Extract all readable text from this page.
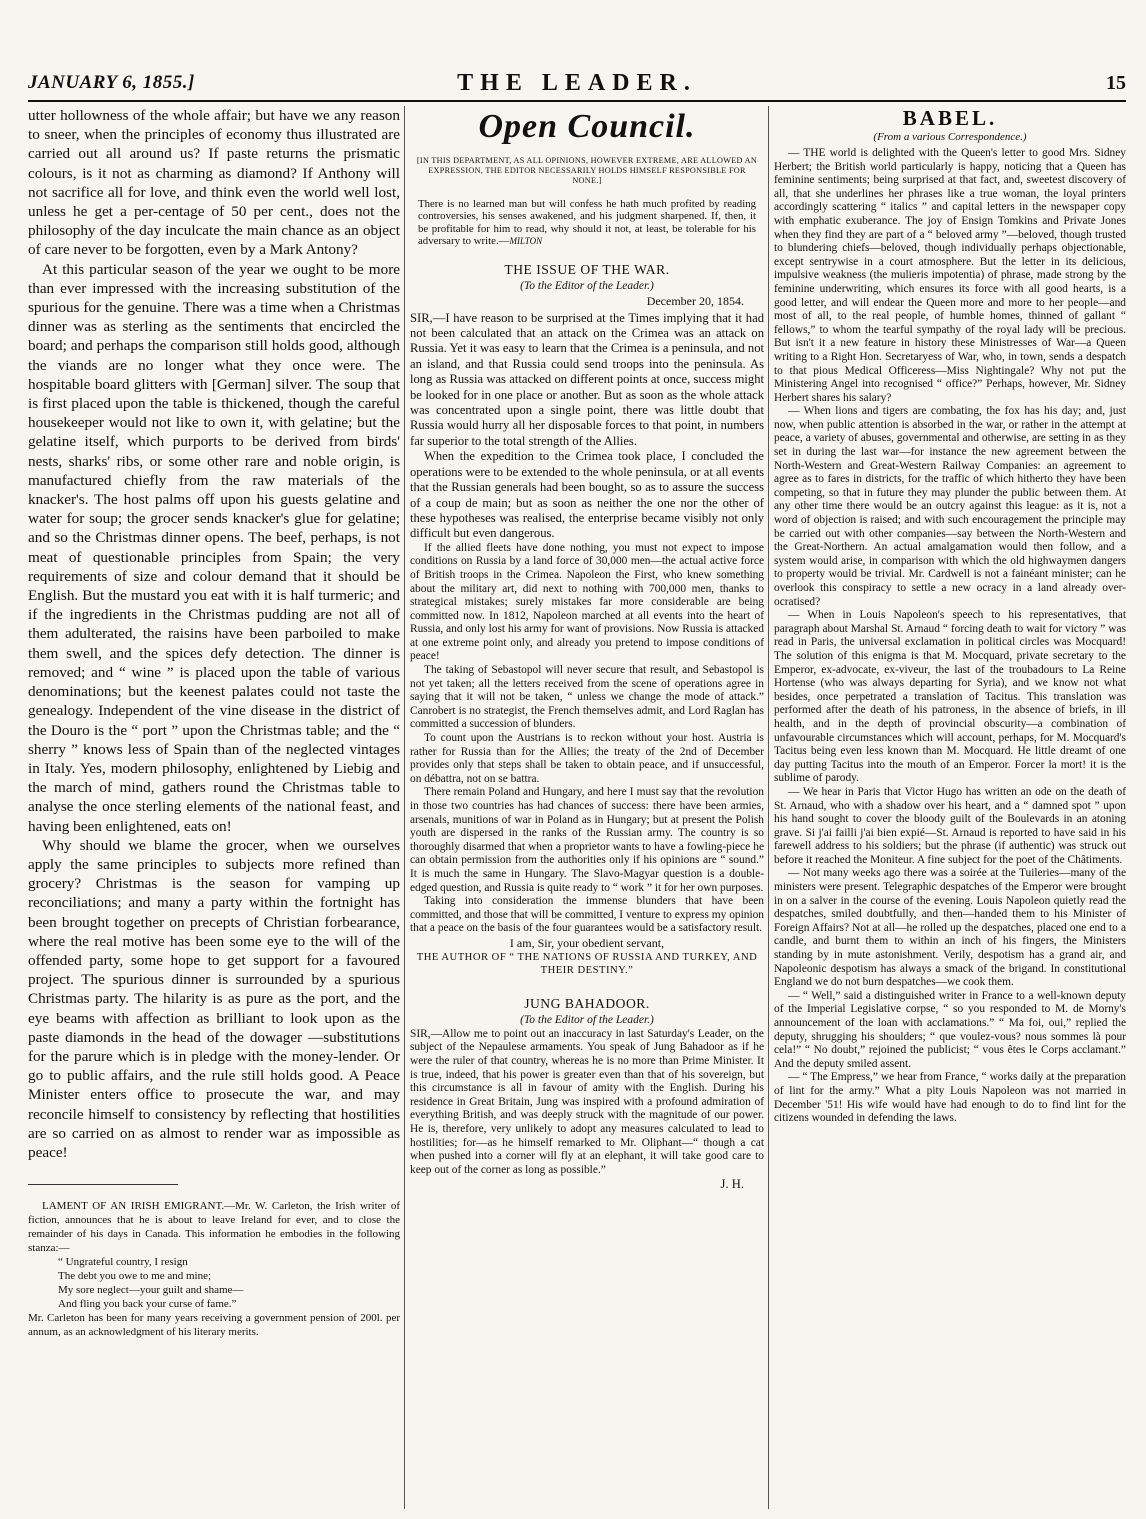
JANUARY 6, 1855.]	THE LEADER.	15

utter hollowness of the whole affair; but have we any reason to sneer, when the principles of economy thus illustrated are carried out all around us? If paste returns the prismatic colours, is it not as charming as diamond? If Anthony will not sacrifice all for love, and think even the world well lost, unless he get a per-centage of 50 per cent., does not the philosophy of the day inculcate the main chance as an object of care never to be forgotten, even by a Mark Antony?

At this particular season of the year we ought to be more than ever impressed with the increasing substitution of the spurious for the genuine. There was a time when a Christmas dinner was as sterling as the sentiments that encircled the board; and perhaps the comparison still holds good, although the viands are no longer what they once were. The hospitable board glitters with [German] silver. The soup that is first placed upon the table is thickened, though the careful housekeeper would not like to own it, with gelatine; but the gelatine itself, which purports to be derived from birds' nests, sharks' ribs, or some other rare and noble origin, is manufactured chiefly from the raw materials of the knacker's. The host palms off upon his guests gelatine and water for soup; the grocer sends knacker's glue for gelatine; and so the Christmas dinner opens. The beef, perhaps, is not meat of questionable principles from Spain; the very requirements of size and colour demand that it should be English. But the mustard you eat with it is half turmeric; and if the ingredients in the Christmas pudding are not all of them adulterated, the raisins have been parboiled to make them swell, and the spices defy detection. The dinner is removed; and “ wine ” is placed upon the table of various denominations; but the keenest palates could not taste the genealogy. Independent of the vine disease in the district of the Douro is the “ port ” upon the Christmas table; and the “ sherry ” knows less of Spain than of the neglected vintages in Italy. Yes, modern philosophy, enlightened by Liebig and the march of mind, gathers round the Christmas table to analyse the once sterling elements of the national feast, and having been enlightened, eats on!

Why should we blame the grocer, when we ourselves apply the same principles to subjects more refined than grocery? Christmas is the season for vamping up reconciliations; and many a party within the fortnight has been brought together on precepts of Christian forbearance, where the real motive has been some eye to the will of the offended party, some hope to get support for a favoured project. The spurious dinner is surrounded by a spurious Christmas party. The hilarity is as pure as the port, and the eye beams with affection as brilliant to look upon as the paste diamonds in the head of the dowager —substitutions for the parure which is in pledge with the money-lender. Or go to public affairs, and the rule still holds good. A Peace Minister enters office to prosecute the war, and may reconcile himself to consistency by reflecting that hostilities are so carried on as almost to render war as impossible as peace!

LAMENT OF AN IRISH EMIGRANT.—Mr. W. Carleton, the Irish writer of fiction, announces that he is about to leave Ireland for ever, and to close the remainder of his days in Canada. This information he embodies in the following stanza:—

“ Ungrateful country, I resign
The debt you owe to me and mine;
My sore neglect—your guilt and shame—
And fling you back your curse of fame.”

Mr. Carleton has been for many years receiving a government pension of 200l. per annum, as an acknowledgment of his literary merits.

Open Council.
[IN THIS DEPARTMENT, AS ALL OPINIONS, HOWEVER EXTREME, ARE ALLOWED AN EXPRESSION, THE EDITOR NECESSARILY HOLDS HIMSELF RESPONSIBLE FOR NONE.]
There is no learned man but will confess he hath much profited by reading controversies, his senses awakened, and his judgment sharpened. If, then, it be profitable for him to read, why should it not, at least, be tolerable for his adversary to write.—MILTON
THE ISSUE OF THE WAR.
(To the Editor of the Leader.)
December 20, 1854.

SIR,—I have reason to be surprised at the Times implying that it had not been calculated that an attack on the Crimea was an attack on Russia. Yet it was easy to learn that the Crimea is a peninsula, and not an island, and that Russia could send troops into the peninsula. As long as Russia was attacked on different points at once, success might be looked for in one place or another. But as soon as the whole attack was concentrated upon a single point, there was little doubt that Russia would hurry all her disposable forces to that point, in numbers far superior to the total strength of the Allies.

When the expedition to the Crimea took place, I concluded the operations were to be extended to the whole peninsula, or at all events that the Russian generals had been bought, so as to assure the success of a coup de main; but as soon as neither the one nor the other of these hypotheses was realised, the enterprise became visibly not only difficult but even dangerous.

If the allied fleets have done nothing, you must not expect to impose conditions on Russia by a land force of 30,000 men—the actual active force of British troops in the Crimea. Napoleon the First, who knew something about the military art, did next to nothing with 700,000 men, thanks to strategical mistakes; surely mistakes far more considerable are being committed now. In 1812, Napoleon marched at all events into the heart of Russia, and only lost his army for want of provisions. Now Russia is attacked at one extreme point only, and already you pretend to impose conditions of peace!

The taking of Sebastopol will never secure that result, and Sebastopol is not yet taken; all the letters received from the scene of operations agree in saying that it will not be taken, “ unless we change the mode of attack.” Canrobert is no strategist, the French themselves admit, and Lord Raglan has committed a succession of blunders.

To count upon the Austrians is to reckon without your host. Austria is rather for Russia than for the Allies; the treaty of the 2nd of December provides only that steps shall be taken to obtain peace, and if unsuccessful, on débattra, not on se battra.

There remain Poland and Hungary, and here I must say that the revolution in those two countries has had chances of success: there have been armies, arsenals, munitions of war in Poland as in Hungary; but at present the Polish youth are dispersed in the ranks of the Russian army. The country is so thoroughly disarmed that when a proprietor wants to have a fowling-piece he can obtain permission from the authorities only if his opinions are “ sound.” It is much the same in Hungary. The Slavo-Magyar question is a double-edged question, and Russia is quite ready to “ work ” it for her own purposes.

Taking into consideration the immense blunders that have been committed, and those that will be committed, I venture to express my opinion that a peace on the basis of the four guarantees would be a satisfactory result.

I am, Sir, your obedient servant,
THE AUTHOR OF “ THE NATIONS OF RUSSIA AND TURKEY, AND THEIR DESTINY.”
JUNG BAHADOOR.
(To the Editor of the Leader.)

SIR,—Allow me to point out an inaccuracy in last Saturday's Leader, on the subject of the Nepaulese armaments. You speak of Jung Bahadoor as if he were the ruler of that country, whereas he is no more than Prime Minister. It is true, indeed, that his power is greater even than that of his sovereign, but this circumstance is all in favour of amity with the English. During his residence in Great Britain, Jung was inspired with a profound admiration of everything British, and was deeply struck with the magnitude of our power. He is, therefore, very unlikely to adopt any measures calculated to lead to hostilities; for—as he himself remarked to Mr. Oliphant—“ though a cat when pushed into a corner will fly at an elephant, it will take good care to keep out of the corner as long as possible.”

J. H.
BABEL.
(From a various Correspondence.)

— THE world is delighted with the Queen's letter to good Mrs. Sidney Herbert; the British world particularly is happy, noticing that a Queen has feminine sentiments; being surprised at that fact, and, sweetest discovery of all, that she underlines her phrases like a true woman, the loyal printers accordingly scattering “ italics ” and capital letters in the newspaper copy with emphatic exuberance. The joy of Ensign Tomkins and Private Jones when they find they are part of a “ beloved army ”—beloved, though trusted to blundering chiefs—beloved, though individually perhaps objectionable, except sentrywise in a court atmosphere. But the letter in its delicious, impulsive weakness (the mulieris impotentia) of phrase, made strong by the feminine underwriting, which ensures its force with all good hearts, is a good letter, and will endear the Queen more and more to her people—and most of all, to the real people, of humble homes, thinned of gallant “ fellows,” to whom the tearful sympathy of the royal lady will be precious. But isn't it a new feature in history these Ministresses of War—a Queen writing to a Right Hon. Secretaryess of War, who, in town, sends a despatch to that pious Medical Officeress—Miss Nightingale? Why not put the Ministering Angel into recognised “ office?” Perhaps, however, Mr. Sidney Herbert shares his salary?

— When lions and tigers are combating, the fox has his day; and, just now, when public attention is absorbed in the war, or rather in the attempt at peace, a variety of abuses, governmental and otherwise, are setting in as they set in during the last war—for instance the new agreement between the North-Western and Great-Western Railway Companies: an agreement to agree as to fares in districts, for the traffic of which hitherto they have been competing, so that in future they may plunder the public between them. At any other time there would be an outcry against this league: as it is, not a word of objection is raised; and with such encouragement the principle may be carried out with other companies—say between the North-Western and the Great-Northern. An actual amalgamation would then follow, and a system would arise, in comparison with which the old highwaymen dangers to property would be trivial. Mr. Cardwell is not a fainéant minister; can he overlook this conspiracy to settle a new ocracy in a land already over-ocratised?

— When in Louis Napoleon's speech to his representatives, that paragraph about Marshal St. Arnaud “ forcing death to wait for victory ” was read in Paris, the universal exclamation in political circles was Mocquard! The solution of this enigma is that M. Mocquard, private secretary to the Emperor, ex-advocate, ex-viveur, the last of the troubadours to La Reine Hortense (who was always departing for Syria), and we know not what besides, once perpetrated a translation of Tacitus. This translation was performed after the death of his patroness, in the absence of briefs, in ill health, and in the depth of provincial obscurity—a combination of unfavourable circumstances which will account, perhaps, for M. Mocquard's Tacitus being even less known than M. Mocquard. He little dreamt of one day putting Tacitus into the mouth of an Emperor. Forcer la mort! it is the sublime of parody.

— We hear in Paris that Victor Hugo has written an ode on the death of St. Arnaud, who with a shadow over his heart, and a “ damned spot ” upon his hand sought to cover the bloody guilt of the Boulevards in an atoning grave. Si j'ai failli j'ai bien expié—St. Arnaud is reported to have said in his farewell address to his soldiers; but the phrase (if authentic) was struck out before it reached the Moniteur. A fine subject for the poet of the Châtiments.

— Not many weeks ago there was a soirée at the Tuileries—many of the ministers were present. Telegraphic despatches of the Emperor were brought in on a salver in the course of the evening. Louis Napoleon quietly read the despatches, smiled doubtfully, and then—handed them to his Minister of Foreign Affairs? Not at all—he rolled up the despatches, placed one end to a candle, and burnt them to within an inch of his fingers, the Ministers standing by in mute astonishment. Verily, despotism has a grand air, and Napoleonic despotism has always a smack of the brigand. In constitutional England we do not burn despatches—we cook them.

— “ Well,” said a distinguished writer in France to a well-known deputy of the Imperial Legislative corpse, “ so you responded to M. de Morny's announcement of the loan with acclamations.” “ Ma foi, oui,” replied the deputy, shrugging his shoulders; “ que voulez-vous? nous sommes là pour cela!” “ No doubt,” rejoined the publicist; “ vous êtes le Corps acclamant.” And the deputy smiled assent.

— “ The Empress,” we hear from France, “ works daily at the preparation of lint for the army.” What a pity Louis Napoleon was not married in December '51! His wife would have had enough to do to find lint for the citizens wounded in defending the laws.
